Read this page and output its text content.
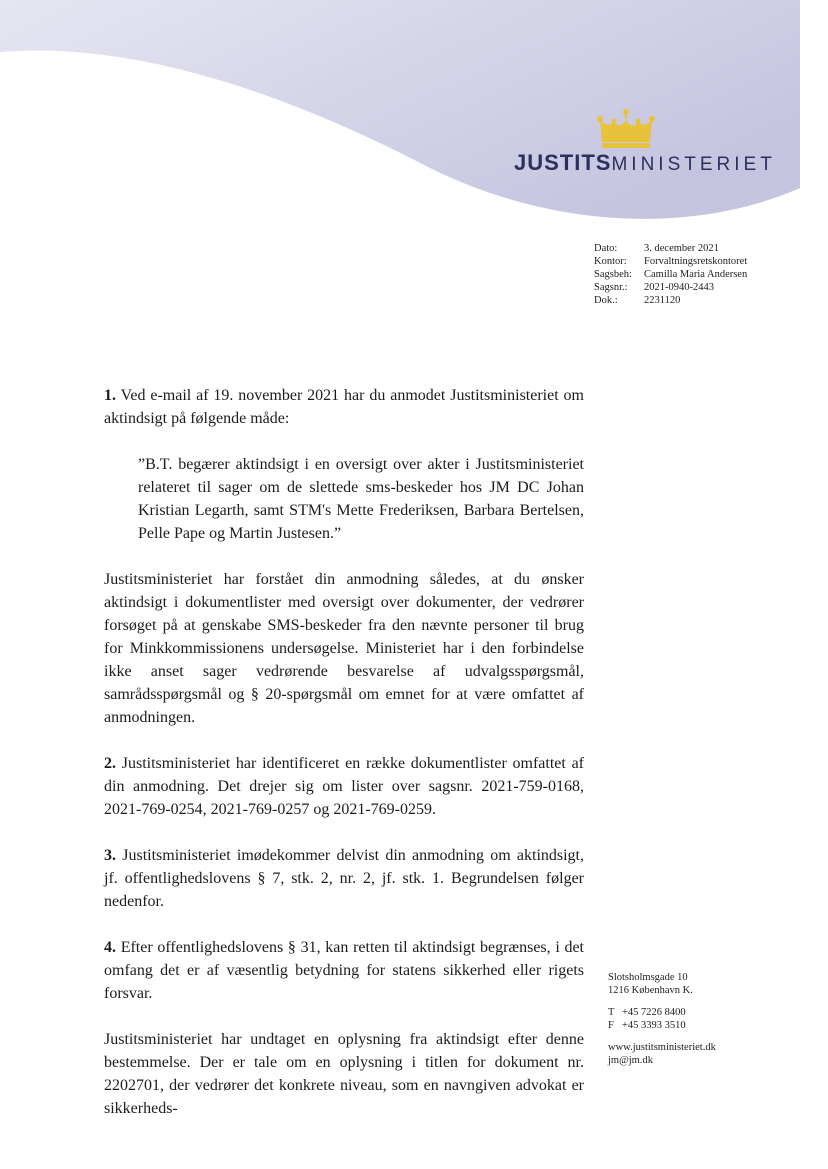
JUSTITSMINISTERIET
Dato:	3. december 2021
Kontor:	Forvaltningsretskontoret
Sagsbeh:	Camilla Maria Andersen
Sagsnr.:	2021-0940-2443
Dok.:	2231120

1. Ved e-mail af 19. november 2021 har du anmodet Justitsministeriet om aktindsigt på følgende måde:

”B.T. begærer aktindsigt i en oversigt over akter i Justitsministeriet relateret til sager om de slettede sms-beskeder hos JM DC Johan Kristian Legarth, samt STM's Mette Frederiksen, Barbara Bertelsen, Pelle Pape og Martin Justesen.”

Justitsministeriet har forstået din anmodning således, at du ønsker aktindsigt i dokumentlister med oversigt over dokumenter, der vedrører forsøget på at genskabe SMS-beskeder fra den nævnte personer til brug for Minkkommissionens undersøgelse. Ministeriet har i den forbindelse ikke anset sager vedrørende besvarelse af udvalgsspørgsmål, samrådsspørgsmål og § 20-spørgsmål om emnet for at være omfattet af anmodningen.

2. Justitsministeriet har identificeret en række dokumentlister omfattet af din anmodning. Det drejer sig om lister over sagsnr. 2021-759-0168, 2021-769-0254, 2021-769-0257 og 2021-769-0259.

3. Justitsministeriet imødekommer delvist din anmodning om aktindsigt, jf. offentlighedslovens § 7, stk. 2, nr. 2, jf. stk. 1. Begrundelsen følger nedenfor.

4. Efter offentlighedslovens § 31, kan retten til aktindsigt begrænses, i det omfang det er af væsentlig betydning for statens sikkerhed eller rigets forsvar.

Justitsministeriet har undtaget en oplysning fra aktindsigt efter denne bestemmelse. Der er tale om en oplysning i titlen for dokument nr. 2202701, der vedrører det konkrete niveau, som en navngiven advokat er sikkerheds-

Slotsholmsgade 10
1216 København K.
T +45 7226 8400
F +45 3393 3510
www.justitsministeriet.dk
jm@jm.dk
